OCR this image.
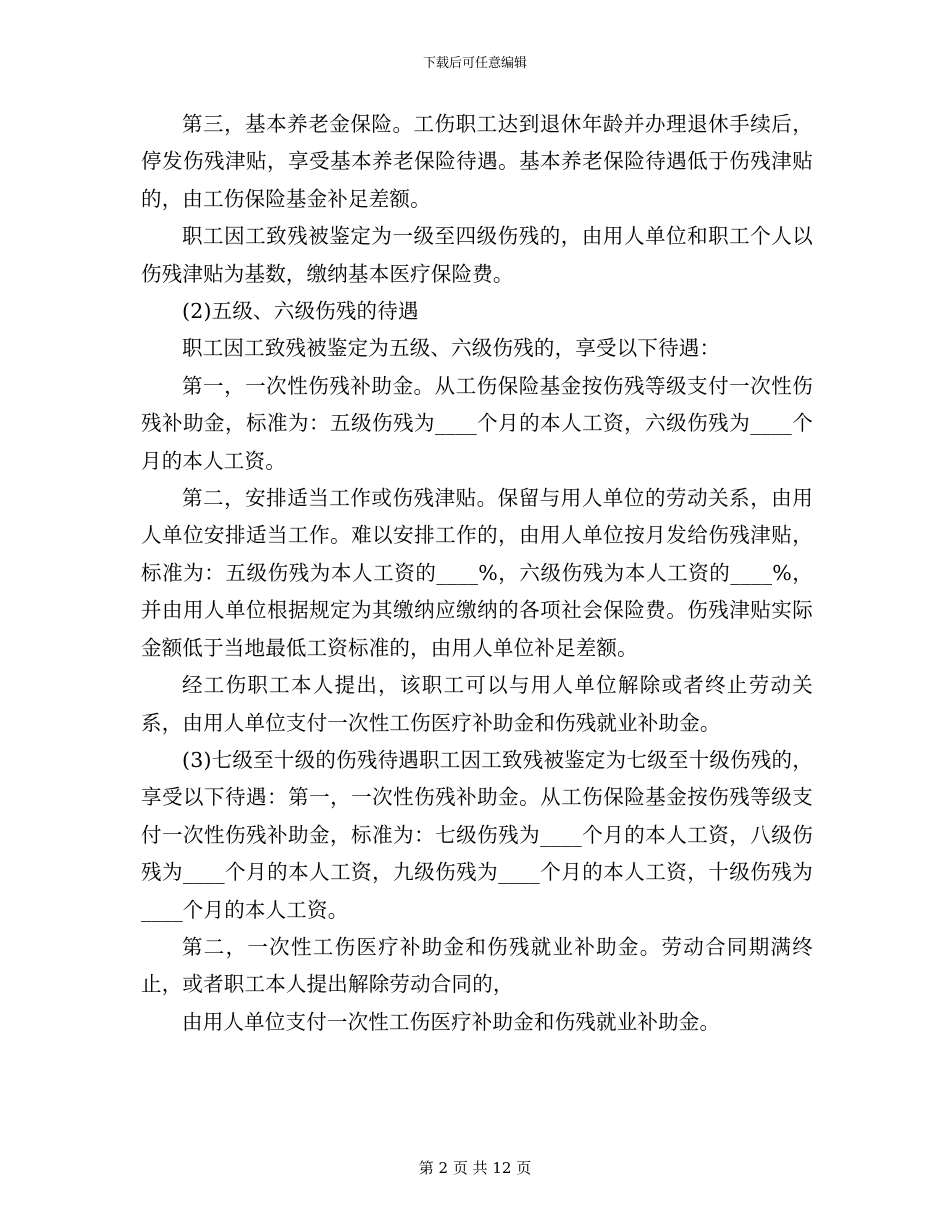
下载后可任意编辑

第三，基本养老金保险。工伤职工达到退休年龄并办理退休手续后，停发伤残津贴，享受基本养老保险待遇。基本养老保险待遇低于伤残津贴的，由工伤保险基金补足差额。

职工因工致残被鉴定为一级至四级伤残的，由用人单位和职工个人以伤残津贴为基数，缴纳基本医疗保险费。

(2)五级、六级伤残的待遇

职工因工致残被鉴定为五级、六级伤残的，享受以下待遇：

第一，一次性伤残补助金。从工伤保险基金按伤残等级支付一次性伤残补助金，标准为：五级伤残为____个月的本人工资，六级伤残为____个月的本人工资。

第二，安排适当工作或伤残津贴。保留与用人单位的劳动关系，由用人单位安排适当工作。难以安排工作的，由用人单位按月发给伤残津贴，标准为：五级伤残为本人工资的____%，六级伤残为本人工资的____%，并由用人单位根据规定为其缴纳应缴纳的各项社会保险费。伤残津贴实际金额低于当地最低工资标准的，由用人单位补足差额。

经工伤职工本人提出，该职工可以与用人单位解除或者终止劳动关系，由用人单位支付一次性工伤医疗补助金和伤残就业补助金。

(3)七级至十级的伤残待遇职工因工致残被鉴定为七级至十级伤残的，享受以下待遇：第一，一次性伤残补助金。从工伤保险基金按伤残等级支付一次性伤残补助金，标准为：七级伤残为____个月的本人工资，八级伤残为____个月的本人工资，九级伤残为____个月的本人工资，十级伤残为____个月的本人工资。

第二，一次性工伤医疗补助金和伤残就业补助金。劳动合同期满终止，或者职工本人提出解除劳动合同的，

由用人单位支付一次性工伤医疗补助金和伤残就业补助金。

第 2 页 共 12 页
